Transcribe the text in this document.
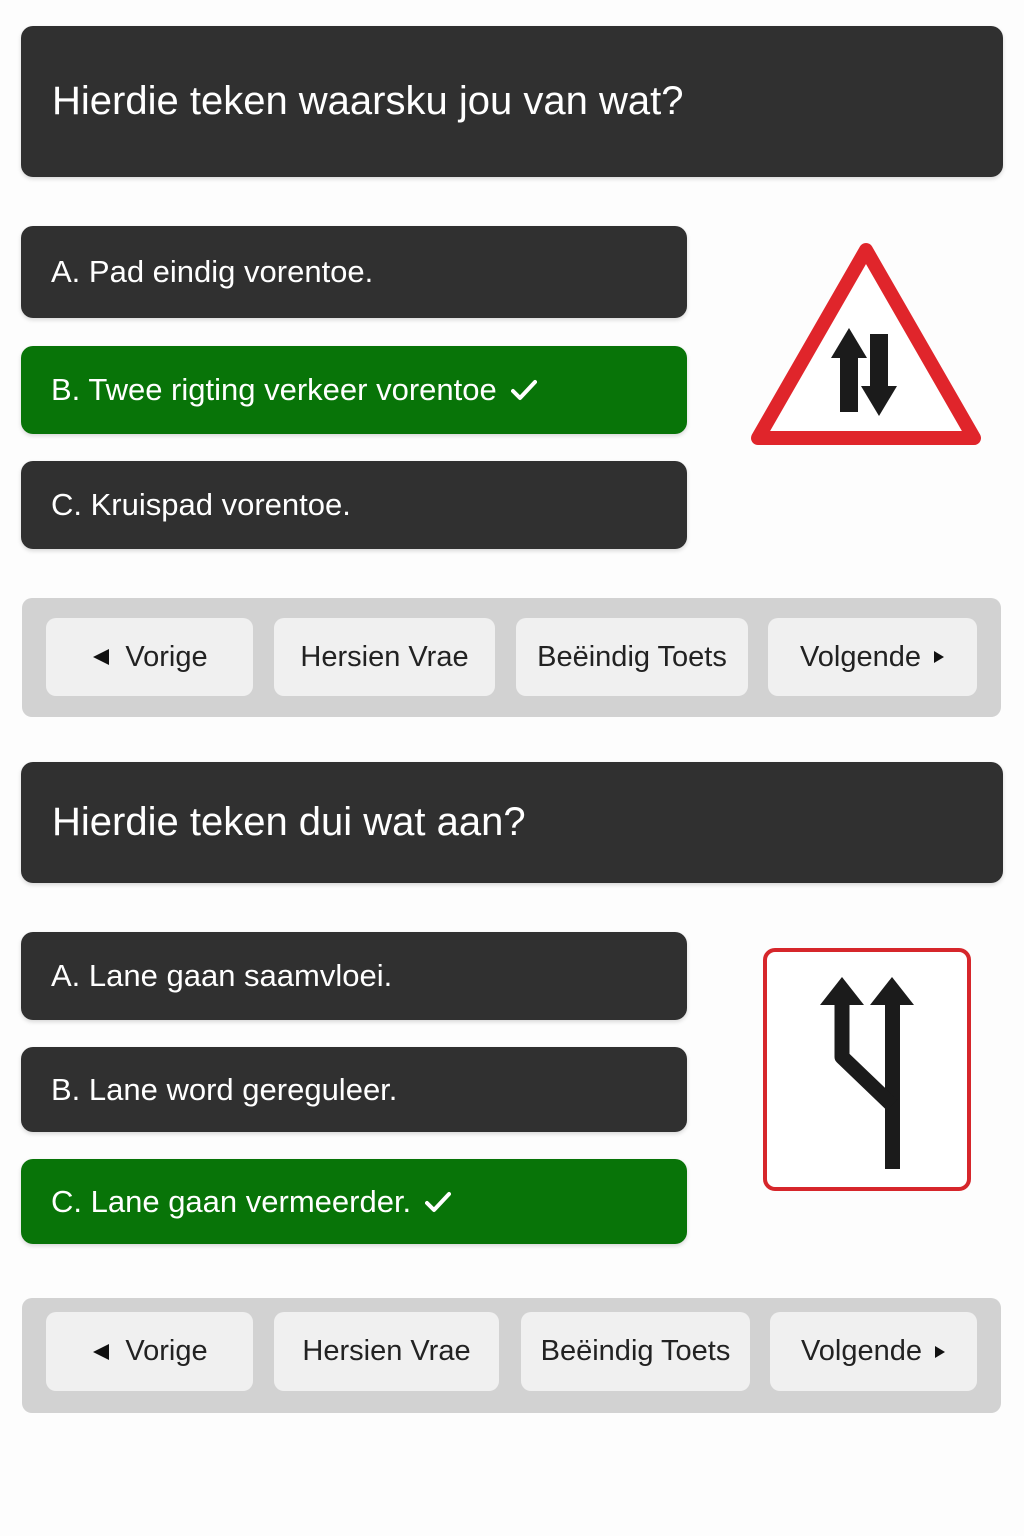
Hierdie teken waarsku jou van wat?
A. Pad eindig vorentoe.
B. Twee rigting verkeer vorentoe
C. Kruispad vorentoe.
Vorige	Hersien Vrae Beëindig Toets	Volgende
Hierdie teken dui wat aan?
A. Lane gaan saamvloei.
B. Lane word gereguleer.
C. Lane gaan vermeerder.
Vorige	Hersien Vrae Beëindig Toets Volgende
